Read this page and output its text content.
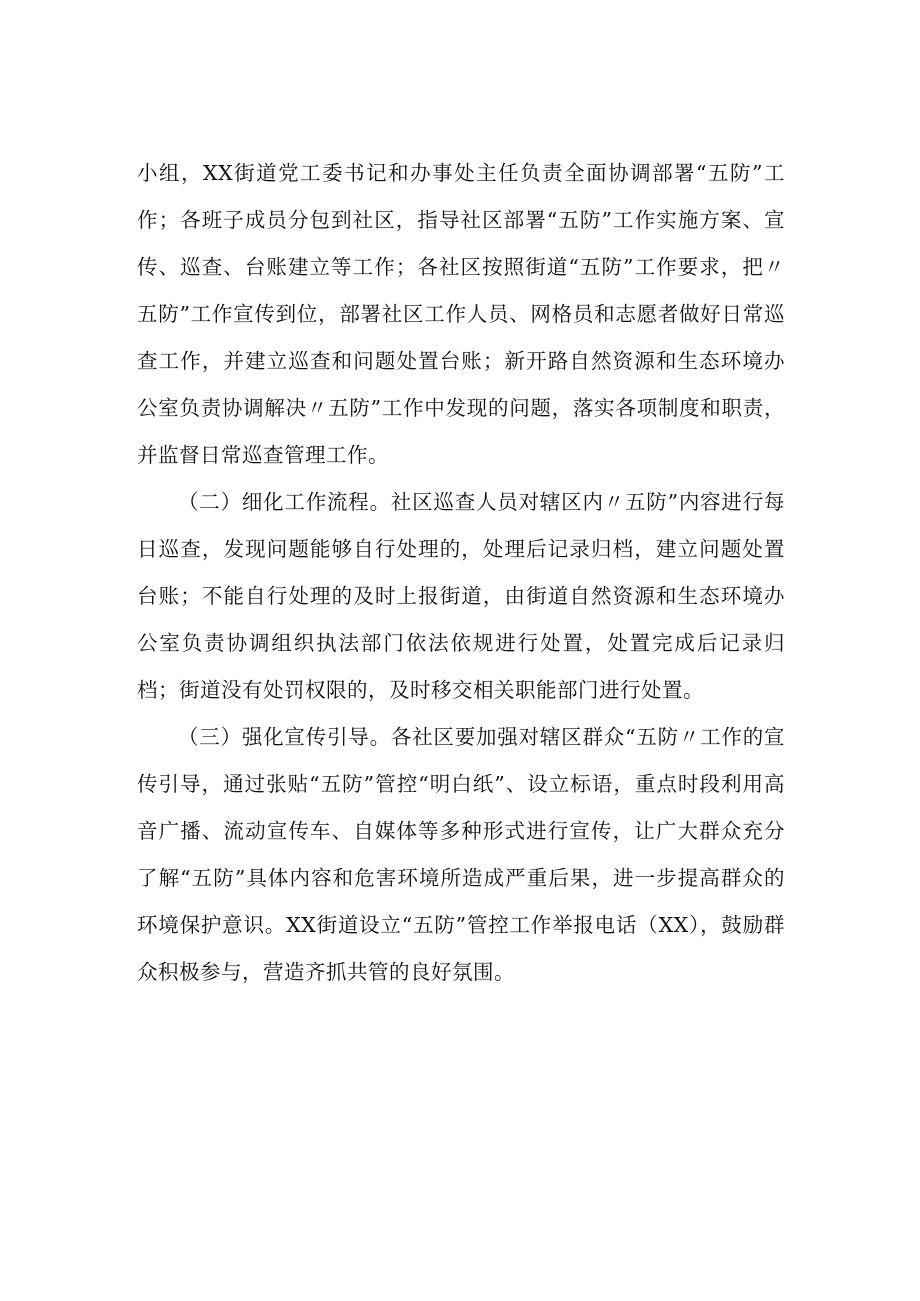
小组，XX街道党工委书记和办事处主任负责全面协调部署“五防”工作；各班子成员分包到社区，指导社区部署“五防”工作实施方案、宣传、巡查、台账建立等工作；各社区按照街道“五防”工作要求，把〃五防”工作宣传到位，部署社区工作人员、网格员和志愿者做好日常巡查工作，并建立巡查和问题处置台账；新开路自然资源和生态环境办公室负责协调解决〃五防”工作中发现的问题，落实各项制度和职责，并监督日常巡查管理工作。

（二）细化工作流程。社区巡查人员对辖区内〃五防”内容进行每日巡查，发现问题能够自行处理的，处理后记录归档，建立问题处置台账；不能自行处理的及时上报街道，由街道自然资源和生态环境办公室负责协调组织执法部门依法依规进行处置，处置完成后记录归档；街道没有处罚权限的，及时移交相关职能部门进行处置。

（三）强化宣传引导。各社区要加强对辖区群众“五防〃工作的宣传引导，通过张贴“五防”管控“明白纸”、设立标语，重点时段利用高音广播、流动宣传车、自媒体等多种形式进行宣传，让广大群众充分了解“五防”具体内容和危害环境所造成严重后果，进一步提高群众的环境保护意识。XX街道设立“五防”管控工作举报电话（XX），鼓励群众积极参与，营造齐抓共管的良好氛围。
